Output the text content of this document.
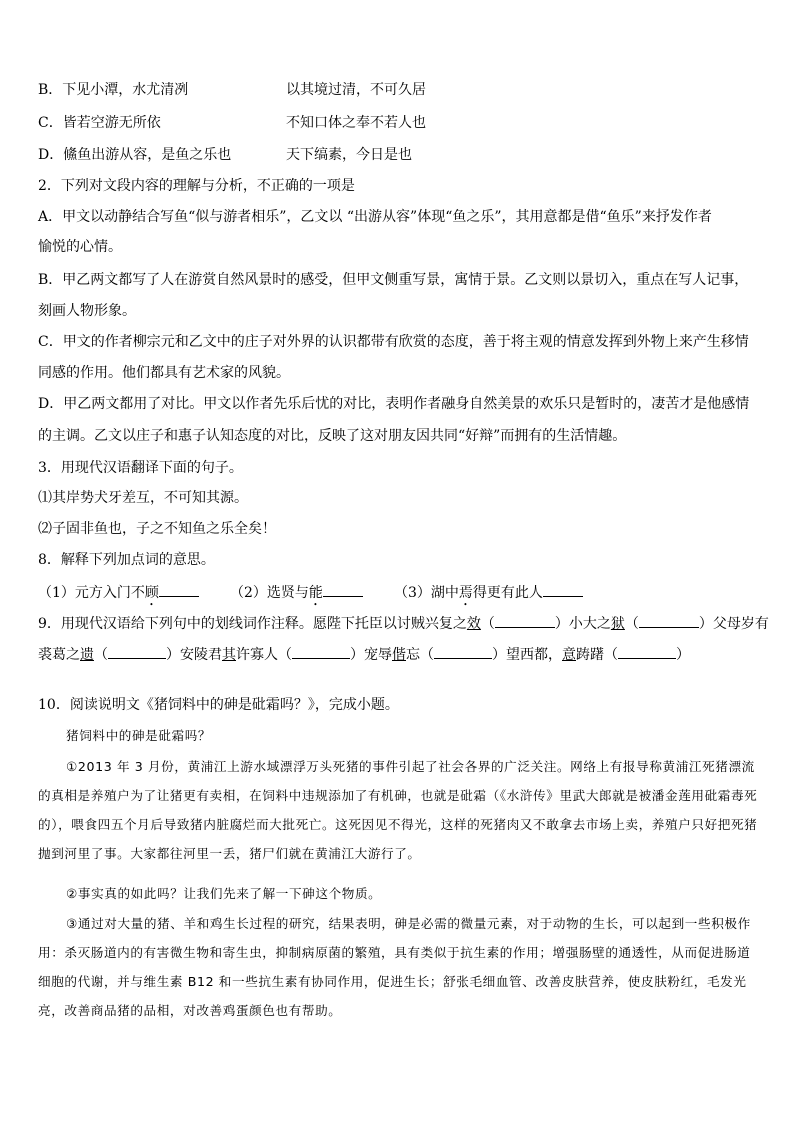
B．下见小潭，水尤清冽	以其境过清，不可久居
C．皆若空游无所依	不知口体之奉不若人也
D．鯈鱼出游从容，是鱼之乐也	天下缟素，今日是也
2．下列对文段内容的理解与分析，不正确的一项是
A．甲文以动静结合写鱼“似与游者相乐”，乙文以 “出游从容”体现“鱼之乐”，其用意都是借“鱼乐”来抒发作者
愉悦的心情。
B．甲乙两文都写了人在游赏自然风景时的感受，但甲文侧重写景，寓情于景。乙文则以景切入，重点在写人记事，
刻画人物形象。
C．甲文的作者柳宗元和乙文中的庄子对外界的认识都带有欣赏的态度，善于将主观的情意发挥到外物上来产生移情
同感的作用。他们都具有艺术家的风貌。
D．甲乙两文都用了对比。甲文以作者先乐后忧的对比，表明作者融身自然美景的欢乐只是暂时的，凄苦才是他感情
的主调。乙文以庄子和惠子认知态度的对比，反映了这对朋友因共同“好辩”而拥有的生活情趣。
3．用现代汉语翻译下面的句子。
⑴其岸势犬牙差互，不可知其源。
⑵子固非鱼也，子之不知鱼之乐全矣！
8．解释下列加点词的意思。
（1）元方入门不顾	（2）选贤与能	（3）湖中焉得更有此人
9．用现代汉语给下列句中的划线词作注释。愿陛下托臣以讨贼兴复之效（	）小大之狱（	）父母岁有
裘葛之遗（	）安陵君其许寡人（	）宠辱偕忘（	）望西都，意踌躇（	）
10．阅读说明文《猪饲料中的砷是砒霜吗？》，完成小题。
猪饲料中的砷是砒霜吗？
①2013 年 3 月份，黄浦江上游水域漂浮万头死猪的事件引起了社会各界的广泛关注。网络上有报导称黄浦江死猪漂流的真相是养殖户为了让猪更有卖相，在饲料中违规添加了有机砷，也就是砒霜（《水浒传》里武大郎就是被潘金莲用砒霜毒死的），喂食四五个月后导致猪内脏腐烂而大批死亡。这死因见不得光，这样的死猪肉又不敢拿去市场上卖，养殖户只好把死猪抛到河里了事。大家都往河里一丢，猪尸们就在黄浦江大游行了。
②事实真的如此吗？让我们先来了解一下砷这个物质。
③通过对大量的猪、羊和鸡生长过程的研究，结果表明，砷是必需的微量元素，对于动物的生长，可以起到一些积极作用：杀灭肠道内的有害微生物和寄生虫，抑制病原菌的繁殖，具有类似于抗生素的作用；增强肠壁的通透性，从而促进肠道细胞的代谢，并与维生素 B12 和一些抗生素有协同作用，促进生长；舒张毛细血管、改善皮肤营养，使皮肤粉红，毛发光亮，改善商品猪的品相，对改善鸡蛋颜色也有帮助。
